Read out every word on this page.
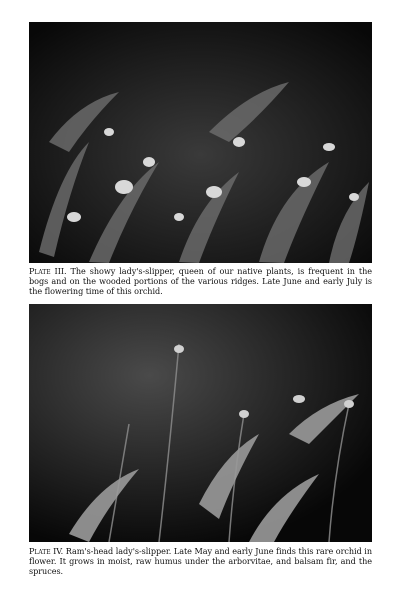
Plate III. The showy lady's-slipper, queen of our native plants, is frequent in the bogs and on the wooded portions of the various ridges. Late June and early July is the flowering time of this orchid.
Plate IV. Ram's-head lady's-slipper. Late May and early June finds this rare orchid in flower. It grows in moist, raw humus under the arborvitae, and balsam fir, and the spruces.
